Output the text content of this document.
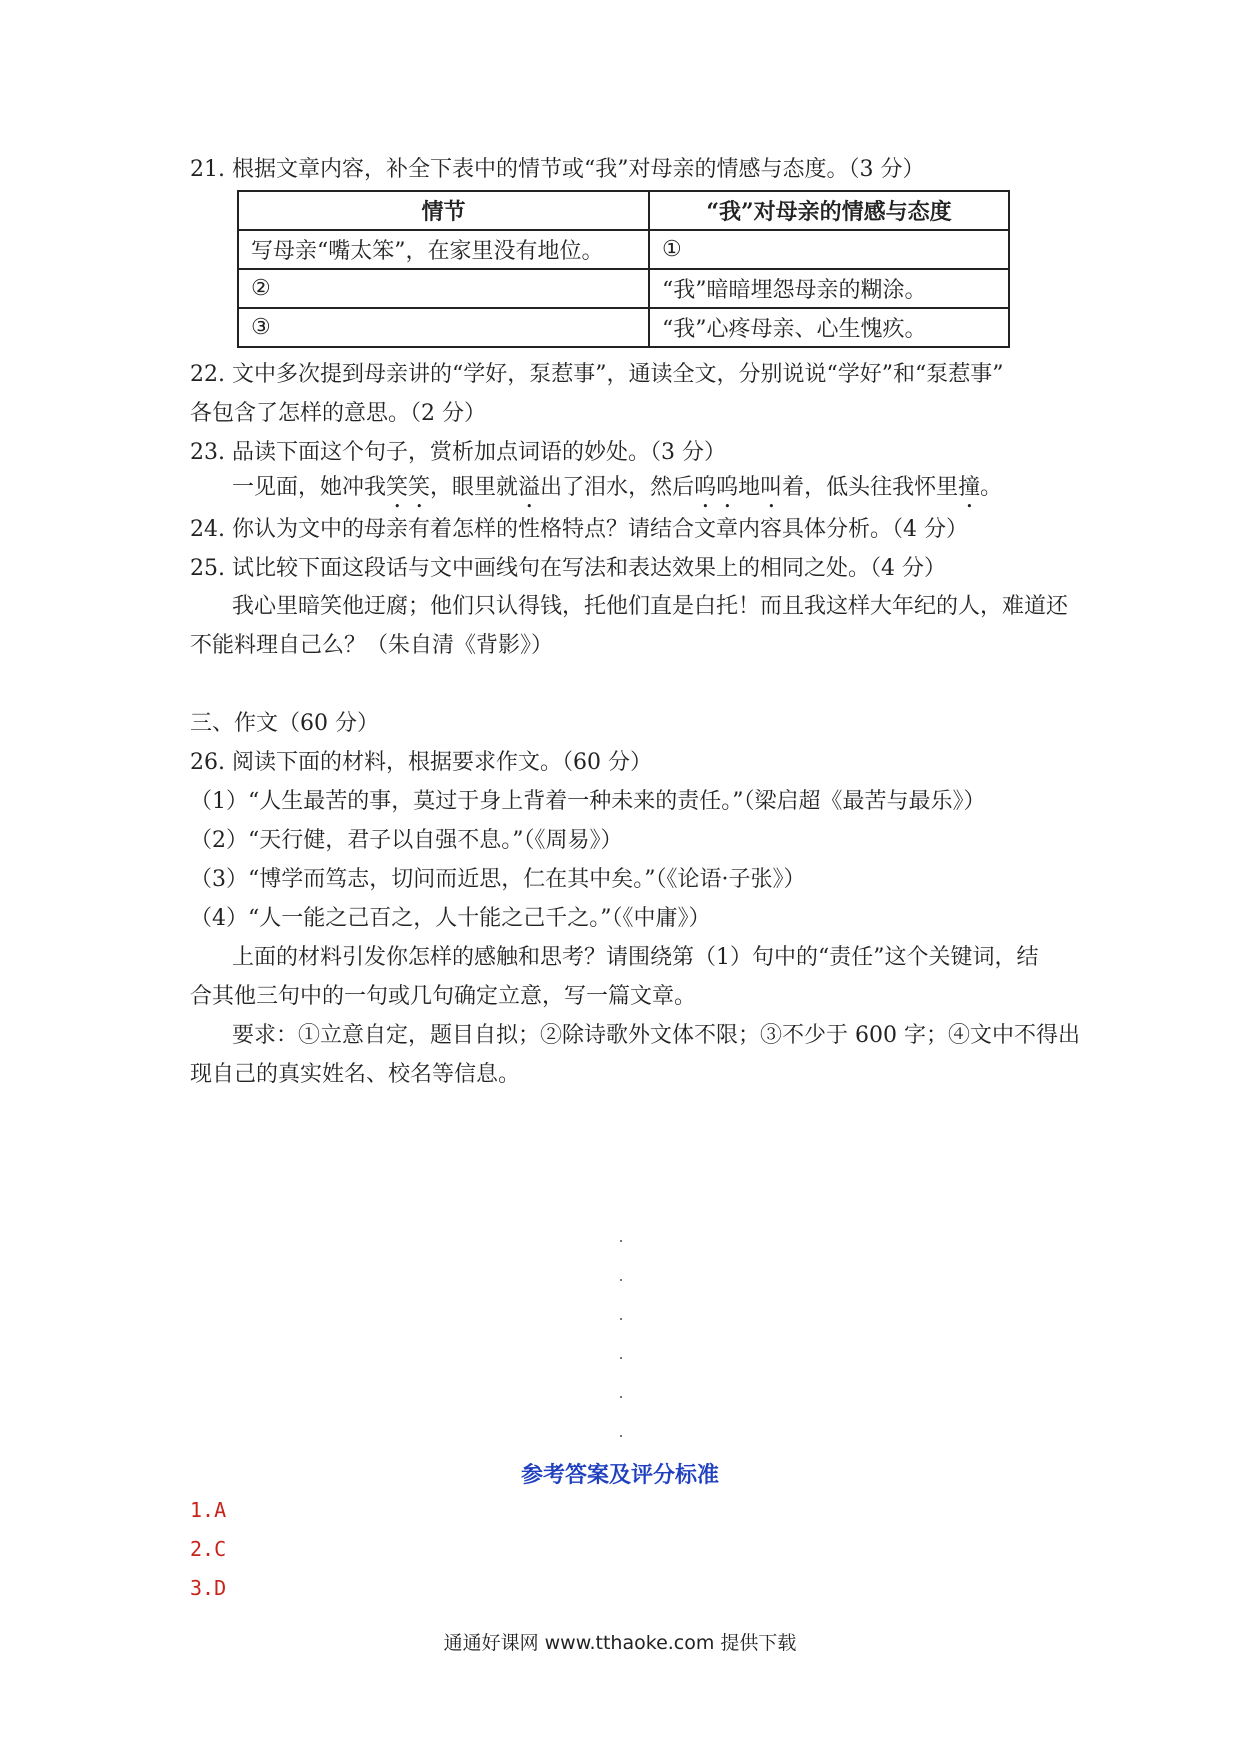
21. 根据文章内容，补全下表中的情节或“我”对母亲的情感与态度。（3 分）
情节	“我”对母亲的情感与态度
写母亲“嘴太笨”，在家里没有地位。	①
②	“我”暗暗埋怨母亲的糊涂。
③	“我”心疼母亲、心生愧疚。
22. 文中多次提到母亲讲的“学好，泵惹事”，通读全文，分别说说“学好”和“泵惹事”
各包含了怎样的意思。（2 分）
23. 品读下面这个句子，赏析加点词语的妙处。（3 分）
一见面，她冲我笑笑，眼里就溢出了泪水，然后呜呜地叫着，低头往我怀里撞。
24. 你认为文中的母亲有着怎样的性格特点？请结合文章内容具体分析。（4 分）
25. 试比较下面这段话与文中画线句在写法和表达效果上的相同之处。（4 分）
我心里暗笑他迂腐；他们只认得钱，托他们直是白托！而且我这样大年纪的人，难道还
不能料理自己么？（朱自清《背影》）
三、作文（60 分）
26. 阅读下面的材料，根据要求作文。（60 分）
（1）“人生最苦的事，莫过于身上背着一种未来的责任。”（梁启超《最苦与最乐》）
（2）“天行健，君子以自强不息。”（《周易》）
（3）“博学而笃志，切问而近思，仁在其中矣。”（《论语·子张》）
（4）“人一能之己百之，人十能之己千之。”（《中庸》）
上面的材料引发你怎样的感触和思考？请围绕第（1）句中的“责任”这个关键词，结
合其他三句中的一句或几句确定立意，写一篇文章。
要求：①立意自定，题目自拟；②除诗歌外文体不限；③不少于 600 字；④文中不得出
现自己的真实姓名、校名等信息。
参考答案及评分标准
1.A
2.C
3.D
通通好课网 www.tthaoke.com 提供下载
